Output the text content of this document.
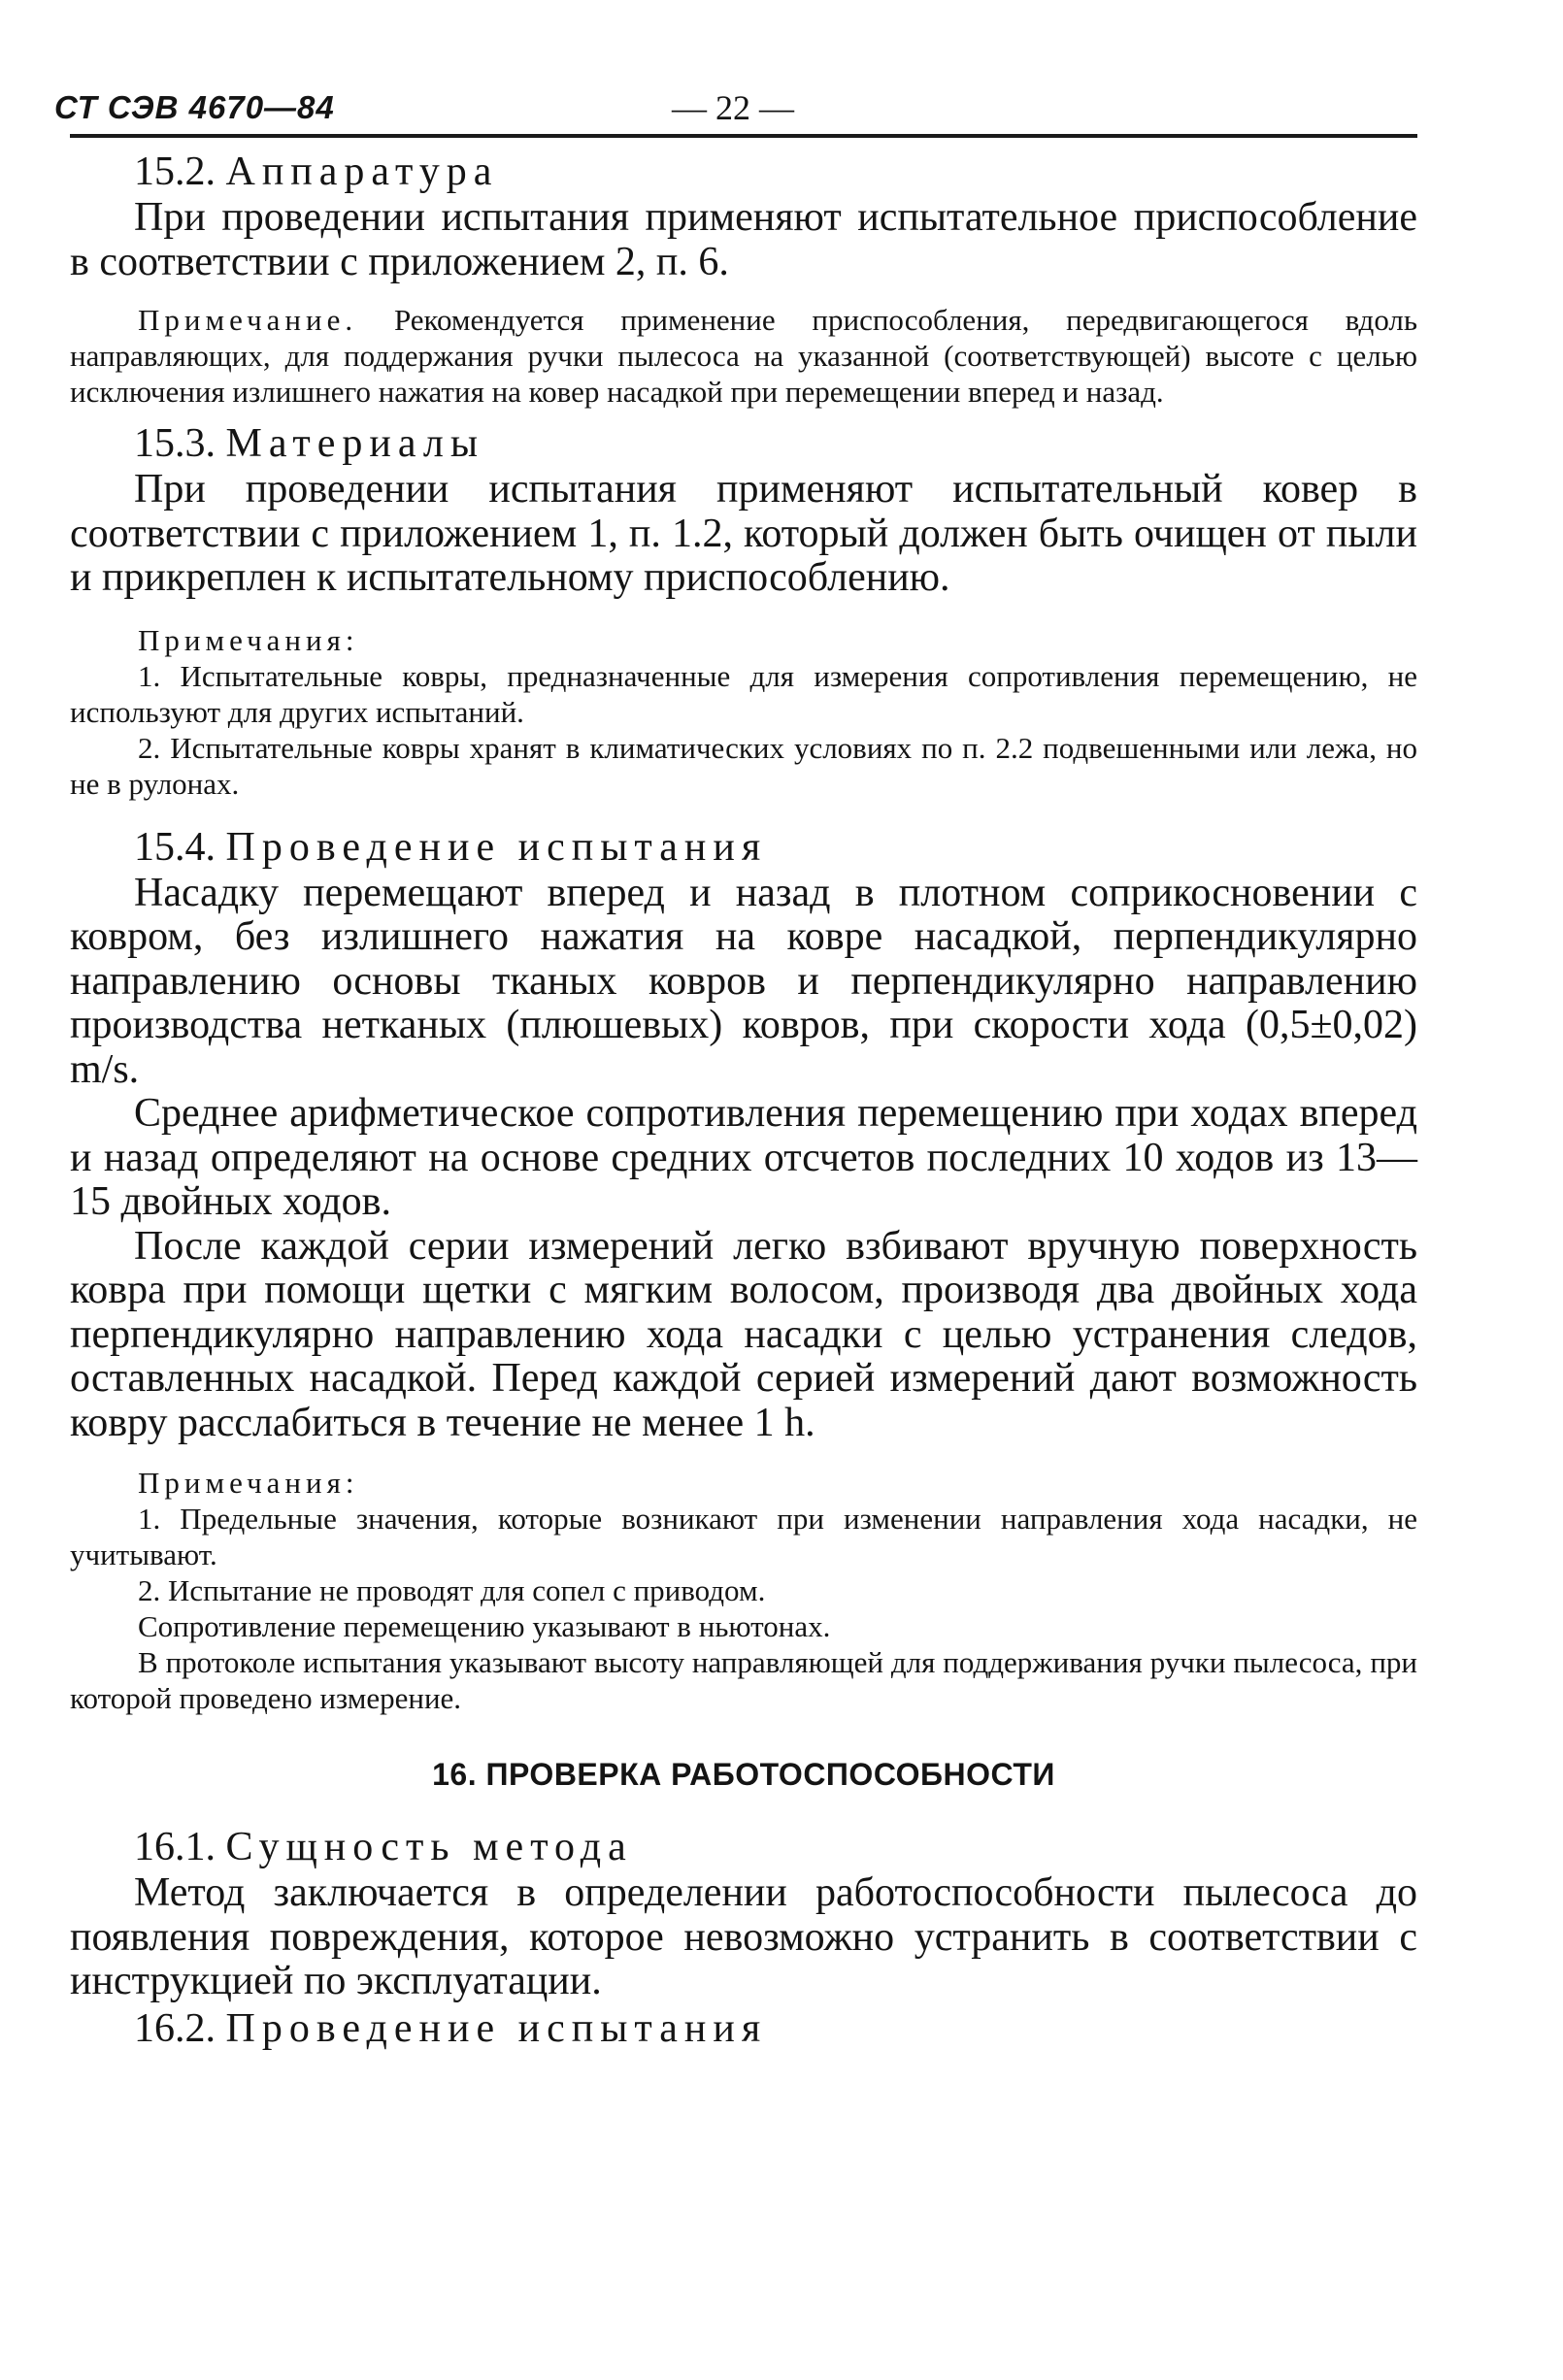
СТ СЭВ 4670—84	— 22 —

15.2. Аппаратура

При проведении испытания применяют испытательное приспособление в соответствии с приложением 2, п. 6.

Примечание. Рекомендуется применение приспособления, передвигающегося вдоль направляющих, для поддержания ручки пылесоса на указанной (соответствующей) высоте с целью исключения излишнего нажатия на ковер насадкой при перемещении вперед и назад.

15.3. Материалы

При проведении испытания применяют испытательный ковер в соответствии с приложением 1, п. 1.2, который должен быть очищен от пыли и прикреплен к испытательному приспособлению.

Примечания:

1. Испытательные ковры, предназначенные для измерения сопротивления перемещению, не используют для других испытаний.

2. Испытательные ковры хранят в климатических условиях по п. 2.2 подвешенными или лежа, но не в рулонах.

15.4. Проведение испытания

Насадку перемещают вперед и назад в плотном соприкосновении с ковром, без излишнего нажатия на ковре насадкой, перпендикулярно направлению основы тканых ковров и перпендикулярно направлению производства нетканых (плюшевых) ковров, при скорости хода (0,5±0,02) m/s.

Среднее арифметическое сопротивления перемещению при ходах вперед и назад определяют на основе средних отсчетов последних 10 ходов из 13—15 двойных ходов.

После каждой серии измерений легко взбивают вручную поверхность ковра при помощи щетки с мягким волосом, производя два двойных хода перпендикулярно направлению хода насадки с целью устранения следов, оставленных насадкой. Перед каждой серией измерений дают возможность ковру расслабиться в течение не менее 1 h.

Примечания:

1. Предельные значения, которые возникают при изменении направления хода насадки, не учитывают.

2. Испытание не проводят для сопел с приводом.

Сопротивление перемещению указывают в ньютонах.

В протоколе испытания указывают высоту направляющей для поддерживания ручки пылесоса, при которой проведено измерение.

16. ПРОВЕРКА РАБОТОСПОСОБНОСТИ

16.1. Сущность метода

Метод заключается в определении работоспособности пылесоса до появления повреждения, которое невозможно устранить в соответствии с инструкцией по эксплуатации.

16.2. Проведение испытания
